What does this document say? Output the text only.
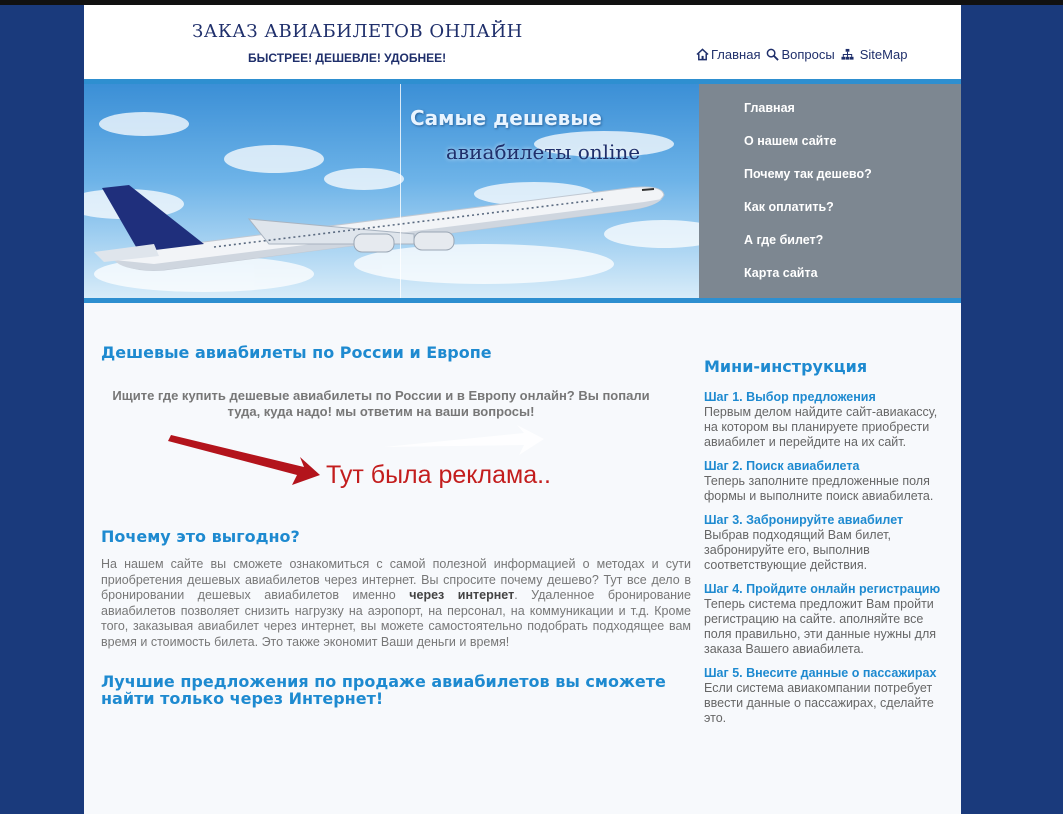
ЗАКАЗ АВИАБИЛЕТОВ ОНЛАЙН
БЫСТРЕЕ! ДЕШЕВЛЕ! УДОБНЕЕ!	Главная Вопросы SiteMap
Самые дешевые
авиабилеты online
Главная
О нашем сайте
Почему так дешево?
Как оплатить?
А где билет?
Карта сайта
Дешевые авиабилеты по России и Европе
Ищите где купить дешевые авиабилеты по России и в Европу онлайн? Вы попали туда, куда надо! мы ответим на ваши вопросы!
Тут была реклама..
Почему это выгодно?
На нашем сайте вы сможете ознакомиться с самой полезной информацией о методах и сути приобретения дешевых авиабилетов через интернет. Вы спросите почему дешево? Тут все дело в бронировании дешевых авиабилетов именно через интернет. Удаленное бронирование авиабилетов позволяет снизить нагрузку на аэропорт, на персонал, на коммуникации и т.д. Кроме того, заказывая авиабилет через интернет, вы можете самостоятельно подобрать подходящее вам время и стоимость билета. Это также экономит Ваши деньги и время!
Лучшие предложения по продаже авиабилетов вы сможете найти только через Интернет!
Мини-инструкция
Шаг 1. Выбор предложения
Первым делом найдите сайт-авиакассу, на котором вы планируете приобрести авиабилет и перейдите на их сайт.
Шаг 2. Поиск авиабилета
Теперь заполните предложенные поля формы и выполните поиск авиабилета.
Шаг 3. Забронируйте авиабилет
Выбрав подходящий Вам билет, забронируйте его, выполнив соответствующие действия.
Шаг 4. Пройдите онлайн регистрацию
Теперь система предложит Вам пройти регистрацию на сайте. аполняйте все поля правильно, эти данные нужны для заказа Вашего авиабилета.
Шаг 5. Внесите данные о пассажирах
Если система авиакомпании потребует ввести данные о пассажирах, сделайте это.
